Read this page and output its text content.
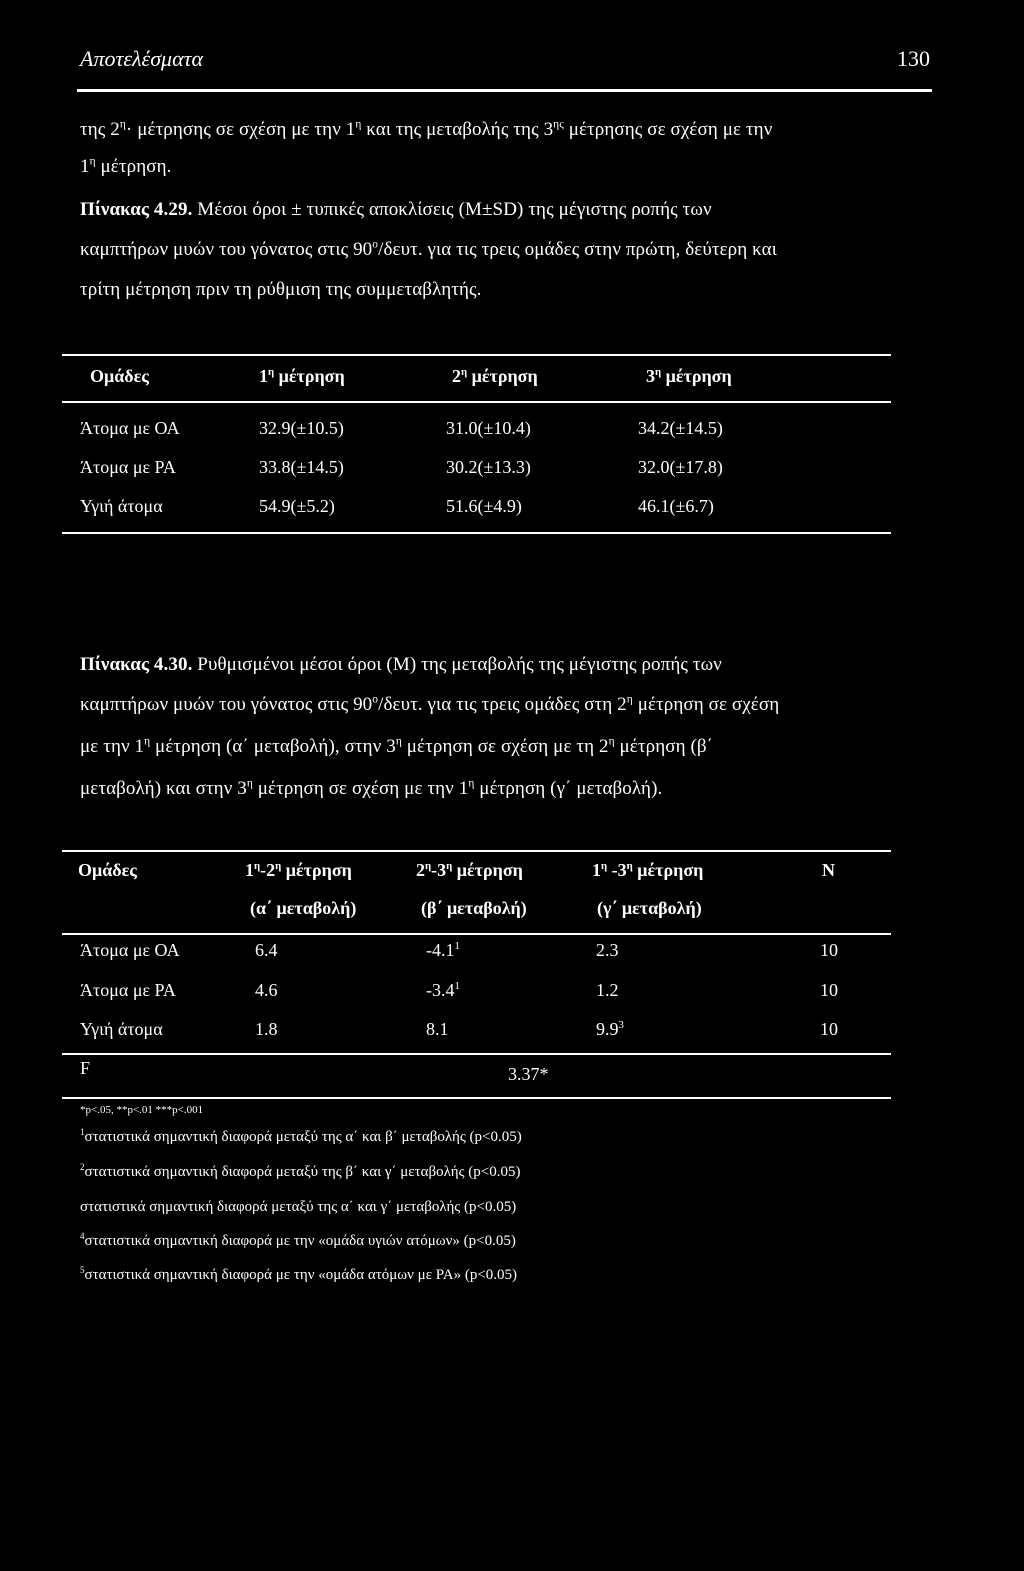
Αποτελέσματα	130
της $2^\eta\cdot \mu έ\tau\rho\eta\sigma\eta\varsigma$ σε σχέση με την $1^\eta$ και της μεταβολής της $3^{\eta\varsigma}$ μέτρησης σε σχέση με την
$1^\eta$ μέτρηση.
Πίνακας 4.29. Μέσοι όροι ± τυπικές αποκλίσεις (M±SD) της μέγιστης ροπής των
καμπτήρων μυών του γόνατος στις $90^o$/δευτ. για τις τρεις ομάδες στην πρώτη, δεύτερη και
τρίτη μέτρηση πριν τη ρύθμιση της συμμεταβλητής.
Ομάδες	$1^\eta$ μέτρηση	$2^\eta$ μέτρηση	$3^\eta$ μέτρηση
Άτομα με ΟΑ	32.9(±10.5)	31.0(±10.4)	34.2(±14.5)
Άτομα με ΡΑ	33.8(±14.5)	30.2(±13.3)	32.0(±17.8)
Υγιή άτομα	54.9(±5.2)	51.6(±4.9)	46.1(±6.7)
Πίνακας 4.30. Ρυθμισμένοι μέσοι όροι (Μ) της μεταβολής της μέγιστης ροπής των
καμπτήρων μυών του γόνατος στις $90^o$/δευτ. για τις τρεις ομάδες στη $2^\eta$ μέτρηση σε σχέση
με την $1^\eta$ μέτρηση (α΄ μεταβολή), στην $3^\eta$ μέτρηση σε σχέση με τη $2^\eta$ μέτρηση (β΄
μεταβολή) και στην $3^\eta$ μέτρηση σε σχέση με την $1^\eta$ μέτρηση (γ΄ μεταβολή).
Ομάδες	$1^\eta-2^\eta$ μέτρηση	$2^\eta-3^\eta$ μέτρηση	$1^\eta$ $-3^\eta$ μέτρηση	N
(α΄ μεταβολή)	(β΄ μεταβολή)	(γ΄ μεταβολή)
Άτομα με ΟΑ	6.4	$-4.1^1$	2.3	10
Άτομα με ΡΑ	4.6	$-3.4^1$	1.2	10
Υγιή άτομα	1.8	8.1	$9.9^3$	10
F	3.37*
*p<.05, **p<.01 ***p<.001
$^1$στατιστικά σημαντική διαφορά μεταξύ της α΄ και β΄ μεταβολής (p<0.05)
$^2$στατιστικά σημαντική διαφορά μεταξύ της β΄ και γ΄ μεταβολής (p<0.05)
στατιστικά σημαντική διαφορά μεταξύ της α΄ και γ΄ μεταβολής (p<0.05)
$^4$στατιστικά σημαντική διαφορά με την «ομάδα υγιών ατόμων» (p<0.05)
$^5$στατιστικά σημαντική διαφορά με την «ομάδα ατόμων με ΡΑ» (p<0.05)
